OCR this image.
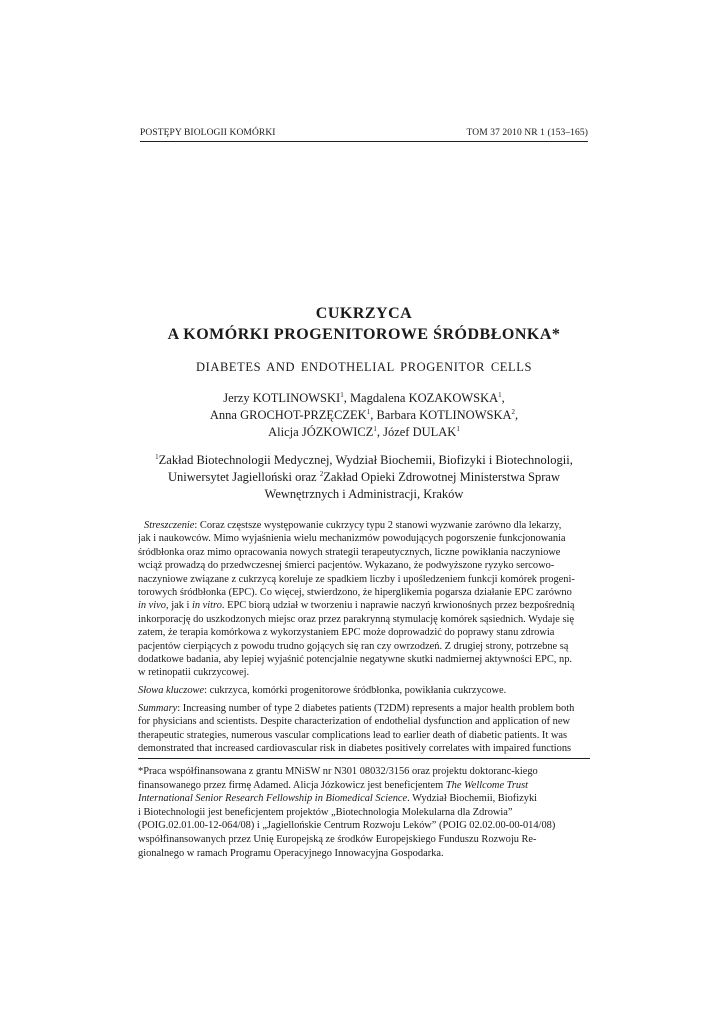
POSTĘPY BIOLOGII KOMÓRKI	TOM 37 2010 NR 1 (153–165)
CUKRZYCA
A KOMÓRKI PROGENITOROWE ŚRÓDBŁONKA*
DIABETES AND ENDOTHELIAL PROGENITOR CELLS
Jerzy KOTLINOWSKI$^1$, Magdalena KOZAKOWSKA$^1$,
Anna GROCHOT-PRZĘCZEK$^1$, Barbara KOTLINOWSKA$^2$,
Alicja JÓZKOWICZ$^1$, Józef DULAK$^1$
$^1$Zakład Biotechnologii Medycznej, Wydział Biochemii, Biofizyki i Biotechnologii,
Uniwersytet Jagielloński oraz $^2$Zakład Opieki Zdrowotnej Ministerstwa Spraw
Wewnętrznych i Administracji, Kraków
Streszczenie: Coraz częstsze występowanie cukrzycy typu 2 stanowi wyzwanie zarówno dla lekarzy,
jak i naukowców. Mimo wyjaśnienia wielu mechanizmów powodujących pogorszenie funkcjonowania
śródbłonka oraz mimo opracowania nowych strategii terapeutycznych, liczne powikłania naczyniowe
wciąż prowadzą do przedwczesnej śmierci pacjentów. Wykazano, że podwyższone ryzyko sercowo-
naczyniowe związane z cukrzycą koreluje ze spadkiem liczby i upośledzeniem funkcji komórek progeni-
torowych śródbłonka (EPC). Co więcej, stwierdzono, że hiperglikemia pogarsza działanie EPC zarówno
in vivo, jak i in vitro. EPC biorą udział w tworzeniu i naprawie naczyń krwionośnych przez bezpośrednią
inkorporację do uszkodzonych miejsc oraz przez parakrynną stymulację komórek sąsiednich. Wydaje się
zatem, że terapia komórkowa z wykorzystaniem EPC może doprowadzić do poprawy stanu zdrowia
pacjentów cierpiących z powodu trudno gojących się ran czy owrzodzeń. Z drugiej strony, potrzebne są
dodatkowe badania, aby lepiej wyjaśnić potencjalnie negatywne skutki nadmiernej aktywności EPC, np.
w retinopatii cukrzycowej.
Słowa kluczowe: cukrzyca, komórki progenitorowe śródbłonka, powikłania cukrzycowe.
Summary: Increasing number of type 2 diabetes patients (T2DM) represents a major health problem both
for physicians and scientists. Despite characterization of endothelial dysfunction and application of new
therapeutic strategies, numerous vascular complications lead to earlier death of diabetic patients. It was
demonstrated that increased cardiovascular risk in diabetes positively correlates with impaired functions
*Praca współfinansowana z grantu MNiSW nr N301 08032/3156 oraz projektu doktoranc-kiego
finansowanego przez firmę Adamed. Alicja Józkowicz jest beneficjentem The Wellcome Trust
International Senior Research Fellowship in Biomedical Science. Wydział Biochemii, Biofizyki
i Biotechnologii jest beneficjentem projektów „Biotechnologia Molekularna dla Zdrowia”
(POIG.02.01.00-12-064/08) i „Jagiellońskie Centrum Rozwoju Leków” (POIG 02.02.00-00-014/08)
współfinansowanych przez Unię Europejską ze środków Europejskiego Funduszu Rozwoju Re-
gionalnego w ramach Programu Operacyjnego Innowacyjna Gospodarka.
